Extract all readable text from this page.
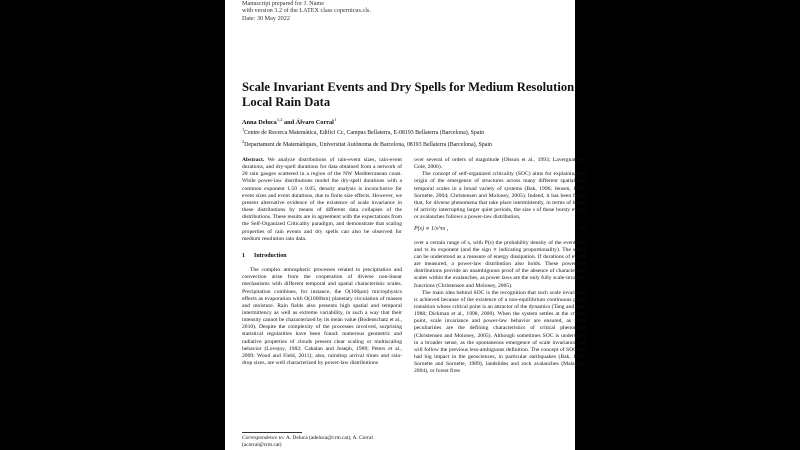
Manuscript prepared for J. Name
with version 3.2 of the LATEX class copernicus.cls.
Date: 30 May 2022
Scale Invariant Events and Dry Spells for Medium Resolution Local Rain Data
Anna Deluca$^{1,2}$ and Álvaro Corral$^1$
$^1$Centre de Recerca Matemàtica, Edifici Cc, Campus Bellaterra, E-08193 Bellaterra (Barcelona), Spain
$^2$Departament de Matemàtiques, Universitat Autònoma de Barcelona, 08193 Bellaterra (Barcelona), Spain

Abstract. We analyze distributions of rain-event sizes, rain-event durations, and dry-spell durations for data obtained from a network of 20 rain gauges scattered in a region of the NW Mediterranean coast. While power-law distributions model the dry-spell durations with a common exponent 1.50 ± 0.05, density analysis is inconclusive for event sizes and event durations, due to finite size effects. However, we present alternative evidence of the existence of scale invariance in these distributions by means of different data collapses of the distributions. These results are in agreement with the expectations from the Self-Organized Criticality paradigm, and demonstrate that scaling properties of rain events and dry spells can also be observed for medium resolution rain data.

1 Introduction

The complex atmospheric processes related to precipitation and convection arise from the cooperation of diverse non-linear mechanisms with different temporal and spatial characteristic scales. Precipitation combines, for instance, the O(100μm) microphysics effects as evaporation with O(1000km) planetary circulation of masses and moisture. Rain fields also presents high spatial and temporal intermittency as well as extreme variability, in such a way that their intensity cannot be characterized by its mean value (Bodenschatz et al., 2010). Despite the complexity of the processes involved, surprising statistical regularities have been found: numerous geometric and radiative properties of clouds present clear scaling or multiscaling behavior (Lovejoy, 1982; Cahalan and Joseph, 1989; Peters et al., 2009; Wood and Field, 2011); also, raindrop arrival times and rain-drop sizes, are well characterized by power-law distributions

over several of orders of magnitude (Olsson et al., 1993; Lavergnat and Golé, 2006).

The concept of self-organized criticality (SOC) aims for explaining the origin of the emergence of structures across many different spatial and temporal scales in a broad variety of systems (Bak, 1996; Jensen, 1998; Sornette, 2004; Christensen and Moloney, 2005). Indeed, it has been found that, for diverse phenomena that take place intermittently, in terms of bursts of activity interrupting larger quiet periods, the size s of these bursty events or avalanches follows a power-law distribution,

P(s) ∝ 1/s^τs ,	(1)

over a certain range of s, with P(s) the probability density of the event size and τs its exponent (and the sign ∝ indicating proportionality). The size s can be understood as a measure of energy dissipation. If durations of events are measured, a power-law distribution also holds. These power-law distributions provide an unambiguous proof of the absence of characteristic scales within the avalanches, as power laws are the only fully scale-invariant functions (Christensen and Moloney, 2005).

The main idea behind SOC is the recognition that such scale invariance is achieved because of the existence of a non-equilibrium continuous phase transition whose critical point is an attractor of the dynamics (Tang and Bak, 1988; Dickman et al., 1998, 2000). When the system settles at the critical point, scale invariance and power-law behavior are ensured, as these peculiarities are the defining characteristics of critical phenomena (Christensen and Moloney, 2005). Although sometimes SOC is understood in a broader sense, as the spontaneous emergence of scale invariance, we will follow the previous less-ambiguous definition. The concept of SOC has had big impact in the geosciences, in particular earthquakes (Bak, 1996; Sornette and Sornette, 1989), landslides and rock avalanches (Malamud, 2004), or forest fires

Correspondence to: A. Deluca (adeluca@crm.cat), A. Corral (acorral@crm.cat)
